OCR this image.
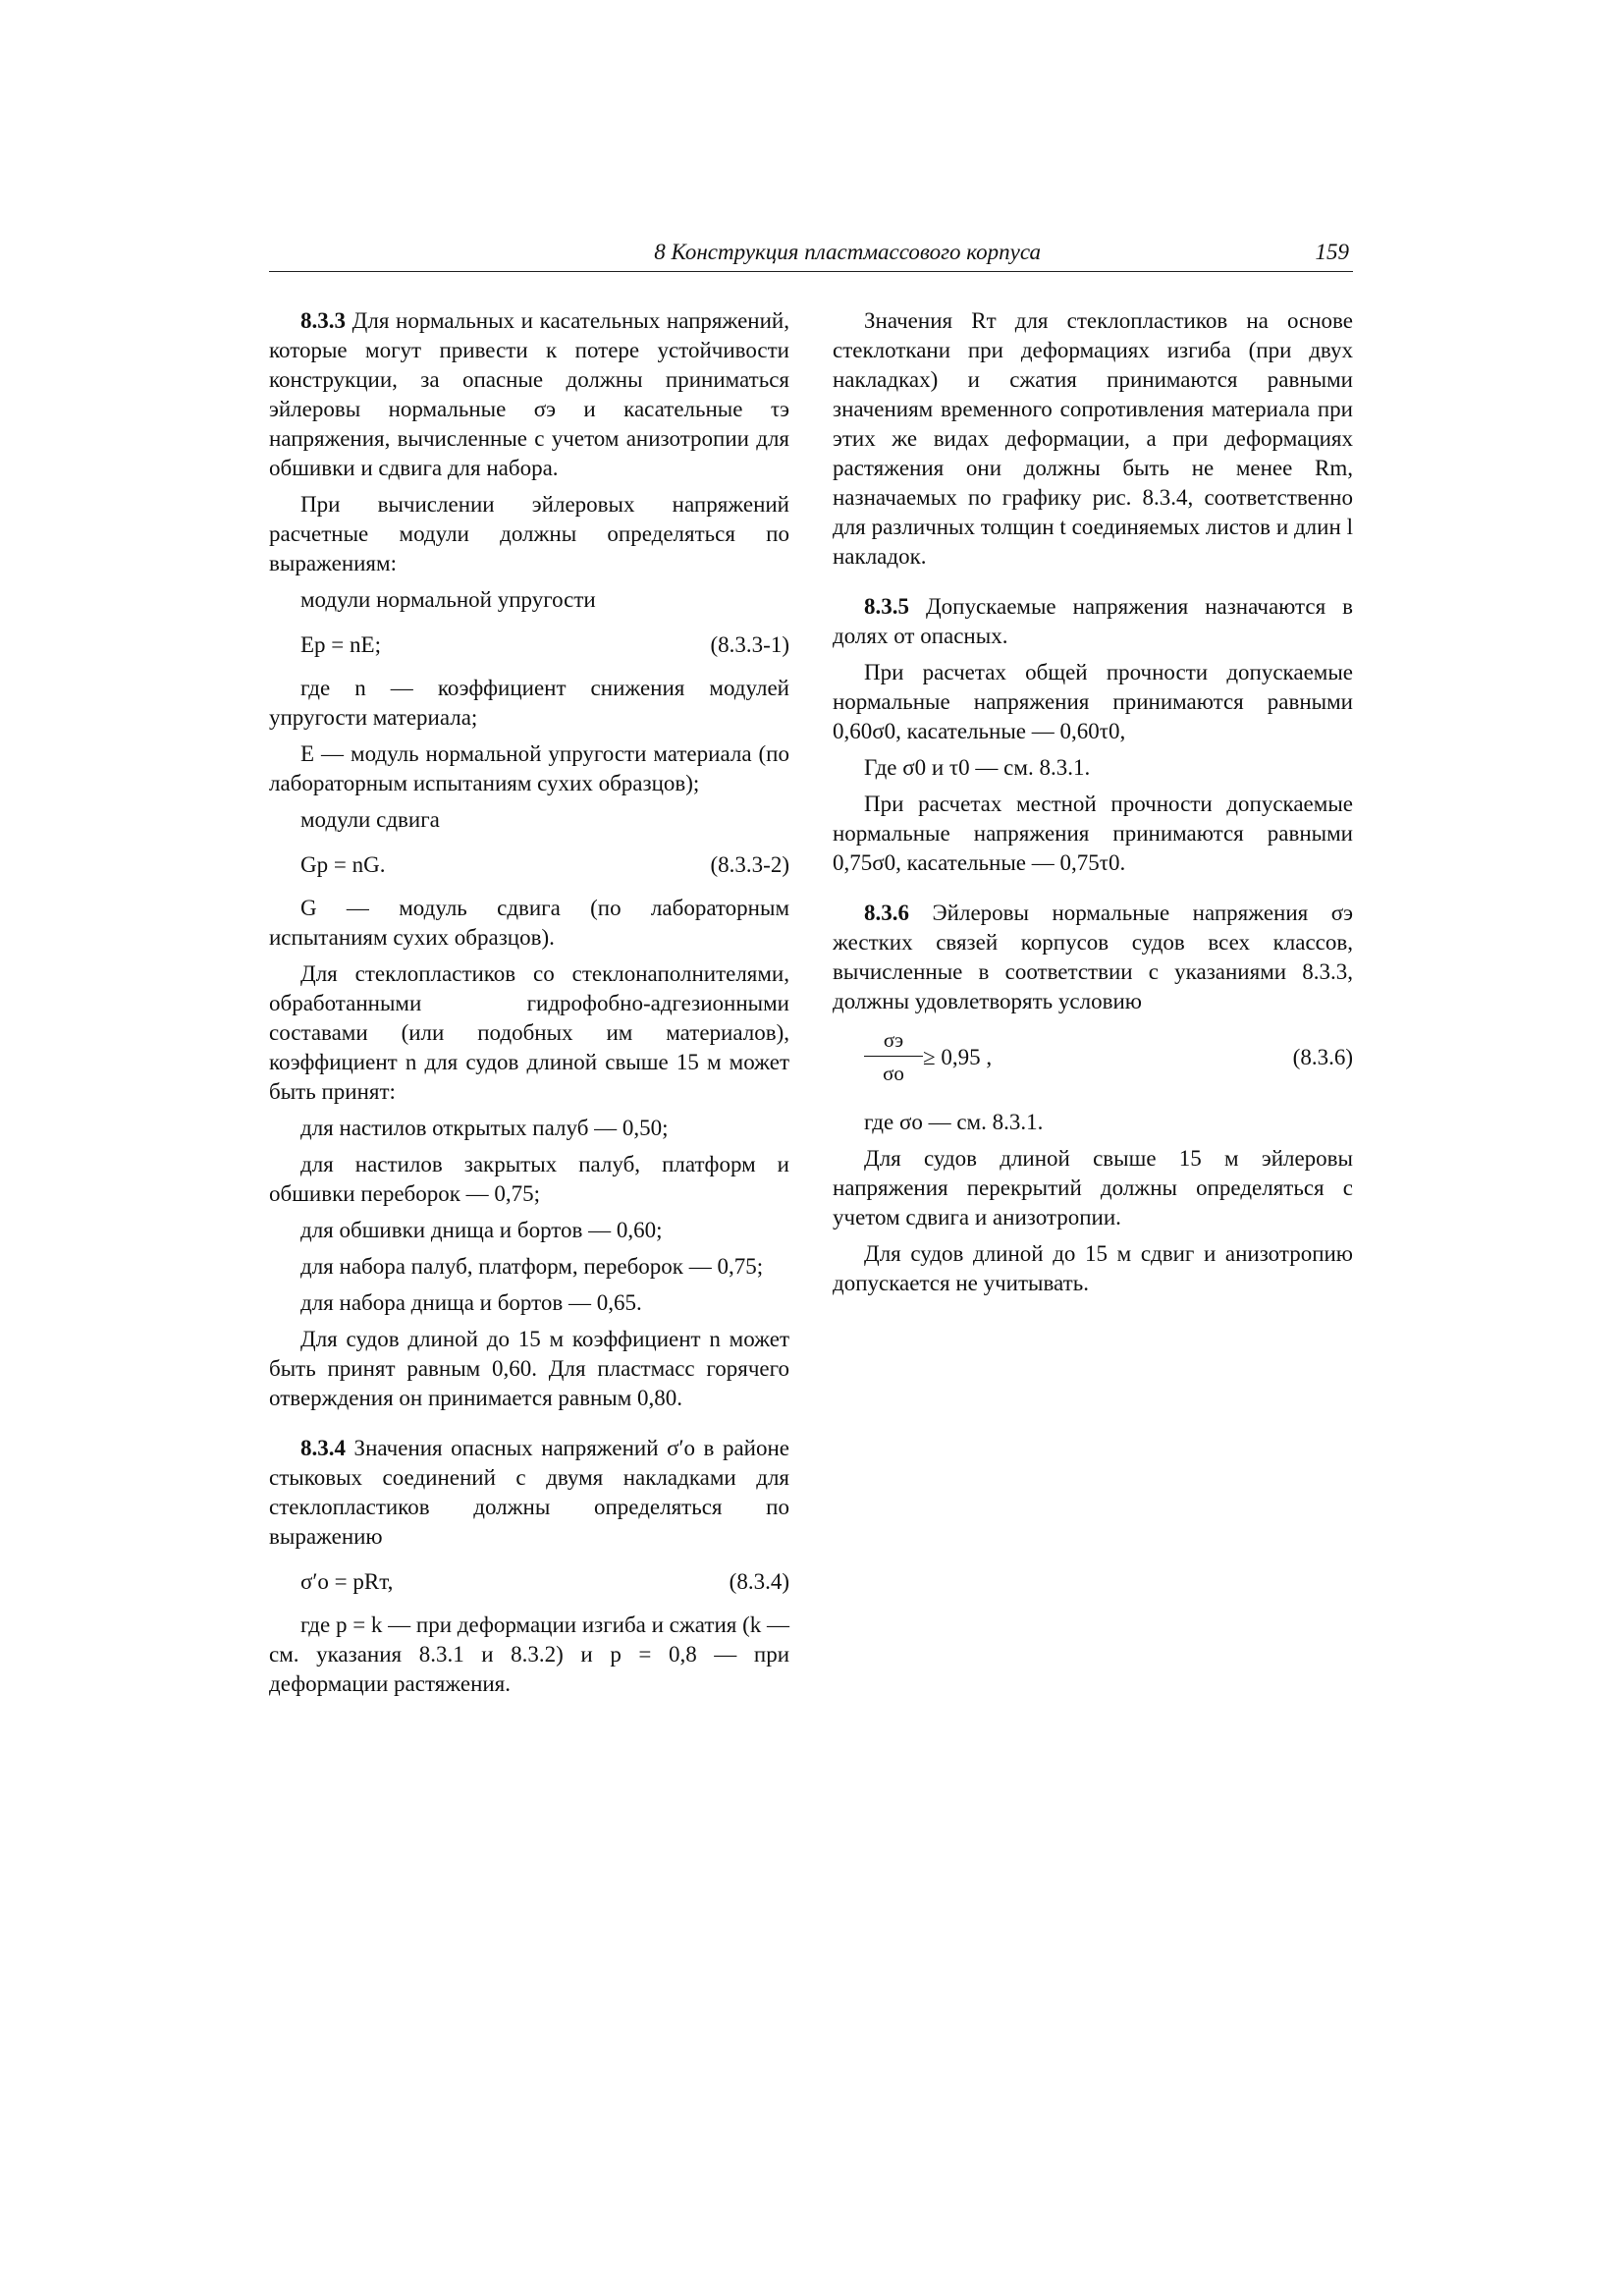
8 Конструкция пластмассового корпуса	159

8.3.3 Для нормальных и касательных напряжений, которые могут привести к потере устойчивости конструкции, за опасные должны приниматься эйлеровы нормальные σэ и касательные τэ напряжения, вычисленные с учетом анизотропии для обшивки и сдвига для набора.

При вычислении эйлеровых напряжений расчетные модули должны определяться по выражениям:

модули нормальной упругости

Eр = nE;	(8.3.3-1)

где n — коэффициент снижения модулей упругости материала;

E — модуль нормальной упругости материала (по лабораторным испытаниям сухих образцов);

модули сдвига

Gр = nG.	(8.3.3-2)

G — модуль сдвига (по лабораторным испытаниям сухих образцов).

Для стеклопластиков со стеклонаполнителями, обработанными гидрофобно-адгезионными составами (или подобных им материалов), коэффициент n для судов длиной свыше 15 м может быть принят:

для настилов открытых палуб — 0,50;

для настилов закрытых палуб, платформ и обшивки переборок — 0,75;

для обшивки днища и бортов — 0,60;

для набора палуб, платформ, переборок — 0,75;

для набора днища и бортов — 0,65.

Для судов длиной до 15 м коэффициент n может быть принят равным 0,60. Для пластмасс горячего отверждения он принимается равным 0,80.

8.3.4 Значения опасных напряжений σ′о в районе стыковых соединений с двумя накладками для стеклопластиков должны определяться по выражению

σ′о = pRт,	(8.3.4)

где p = k — при деформации изгиба и сжатия (k — см. указания 8.3.1 и 8.3.2) и p = 0,8 — при деформации растяжения.

Значения Rт для стеклопластиков на основе стеклоткани при деформациях изгиба (при двух накладках) и сжатия принимаются равными значениям временного сопротивления материала при этих же видах деформации, а при деформациях растяжения они должны быть не менее Rm, назначаемых по графику рис. 8.3.4, соответственно для различных толщин t соединяемых листов и длин l накладок.

8.3.5 Допускаемые напряжения назначаются в долях от опасных.

При расчетах общей прочности допускаемые нормальные напряжения принимаются равными 0,60σ0, касательные — 0,60τ0,

Где σ0 и τ0 — см. 8.3.1.

При расчетах местной прочности допускаемые нормальные напряжения принимаются равными 0,75σ0, касательные — 0,75τ0.

8.3.6 Эйлеровы нормальные напряжения σэ жестких связей корпусов судов всех классов, вычисленные в соответствии с указаниями 8.3.3, должны удовлетворять условию

σэ
σо
≥ 0,95 ,	(8.3.6)

где σо — см. 8.3.1.

Для судов длиной свыше 15 м эйлеровы напряжения перекрытий должны определяться с учетом сдвига и анизотропии.

Для судов длиной до 15 м сдвиг и анизотропию допускается не учитывать.
